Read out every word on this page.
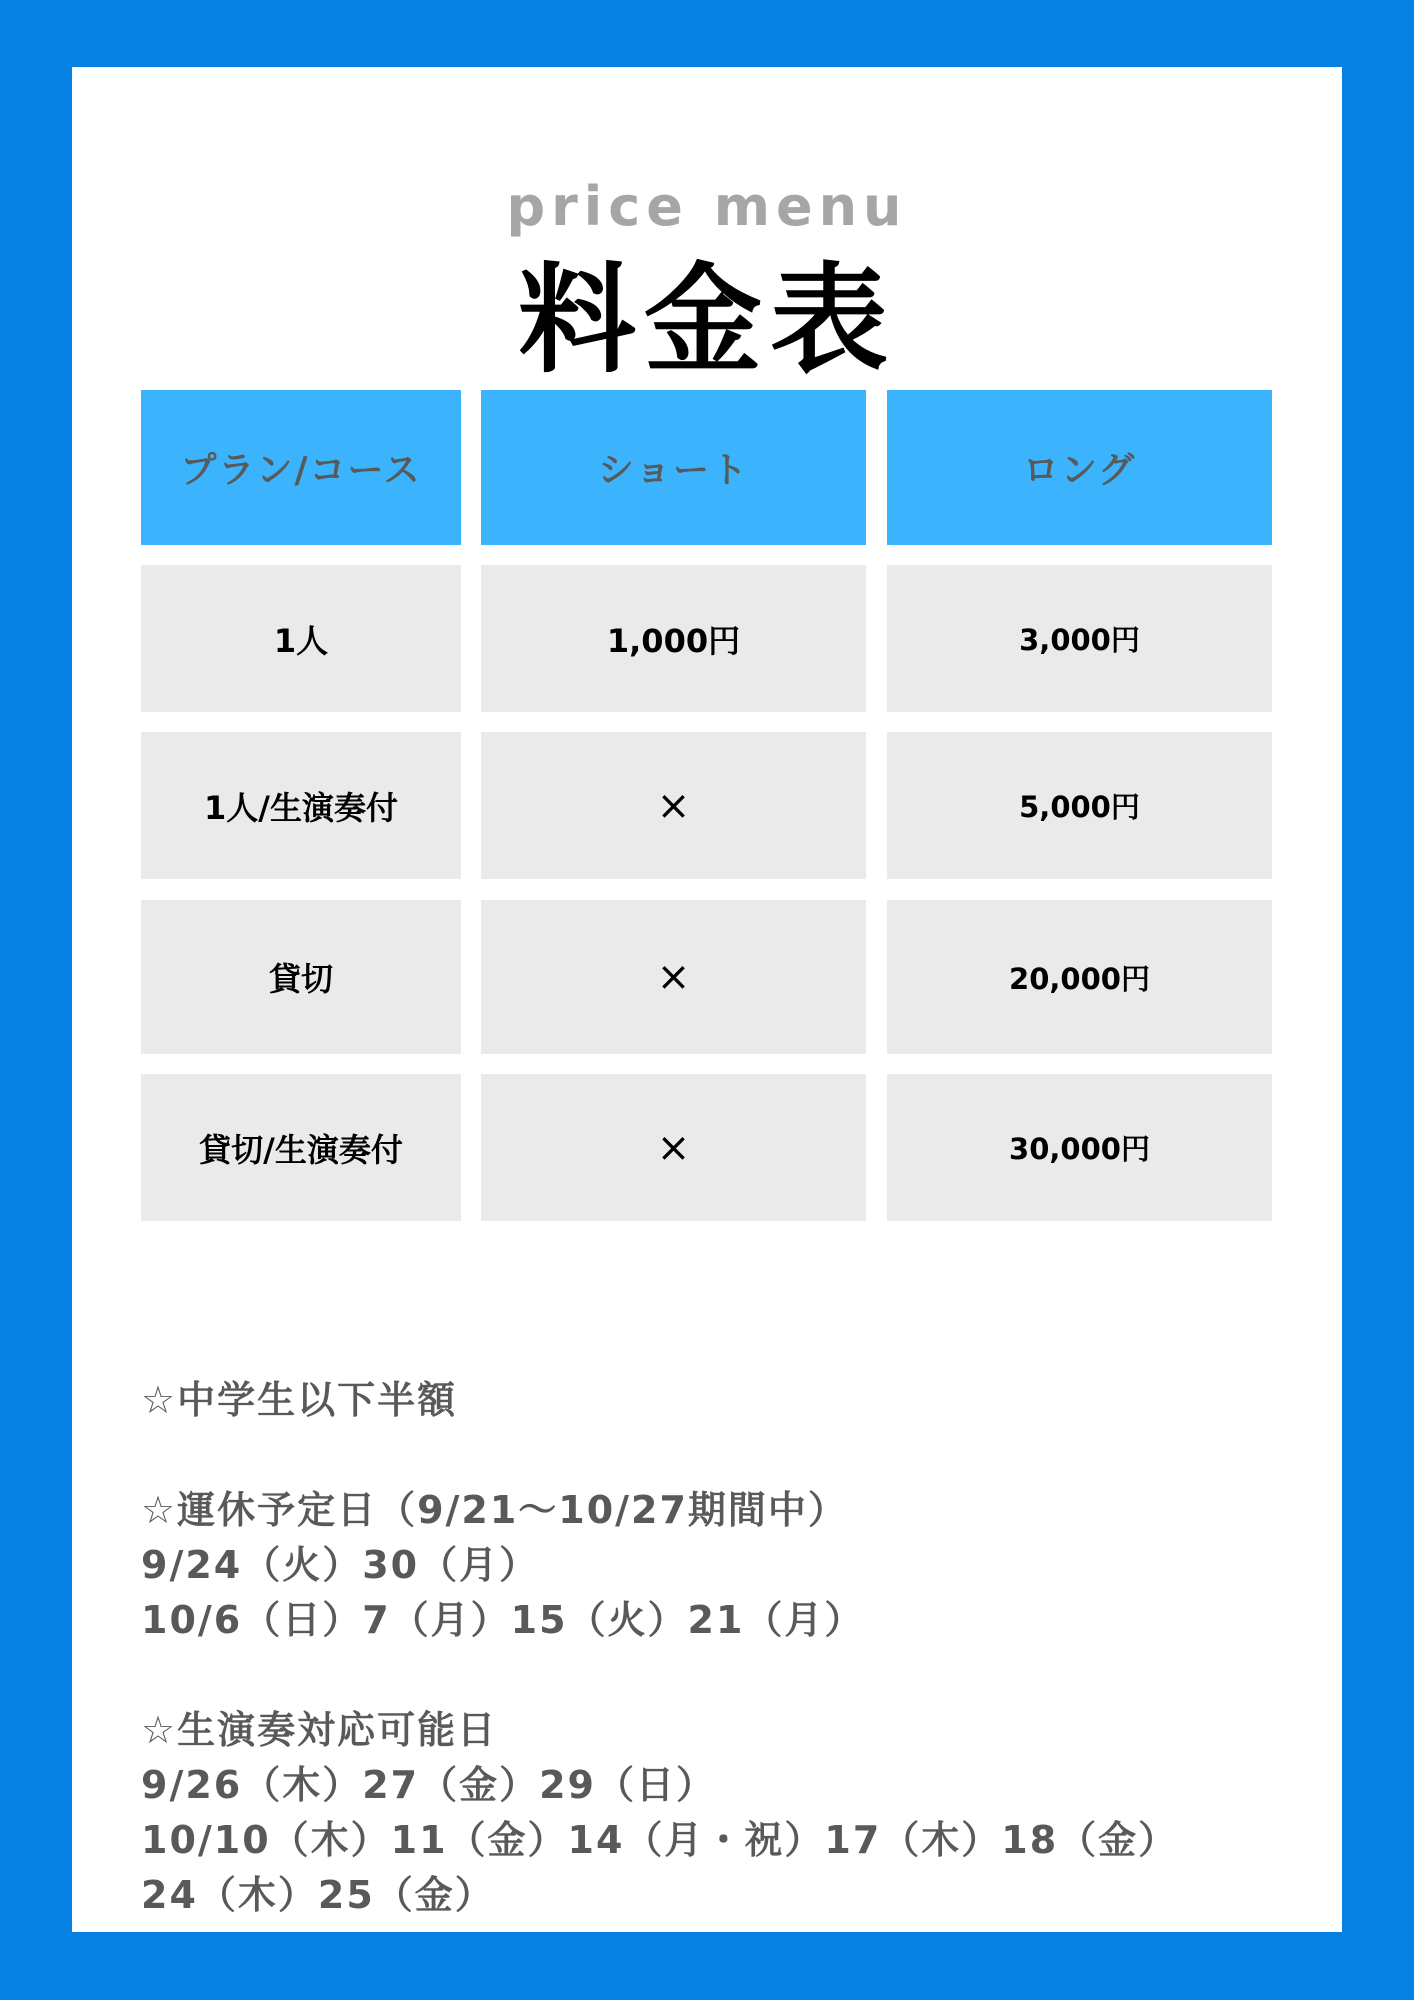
price menu
料金表
プラン/コース	ショート	ロング
1人	1,000円	3,000円
1人/生演奏付	×	5,000円
貸切	×	20,000円
貸切/生演奏付	×	30,000円
☆中学生以下半額
☆運休予定日（9/21〜10/27期間中）
9/24（火）30（月）
10/6（日）7（月）15（火）21（月）
☆生演奏対応可能日
9/26（木）27（金）29（日）
10/10（木）11（金）14（月・祝）17（木）18（金）
24（木）25（金）
